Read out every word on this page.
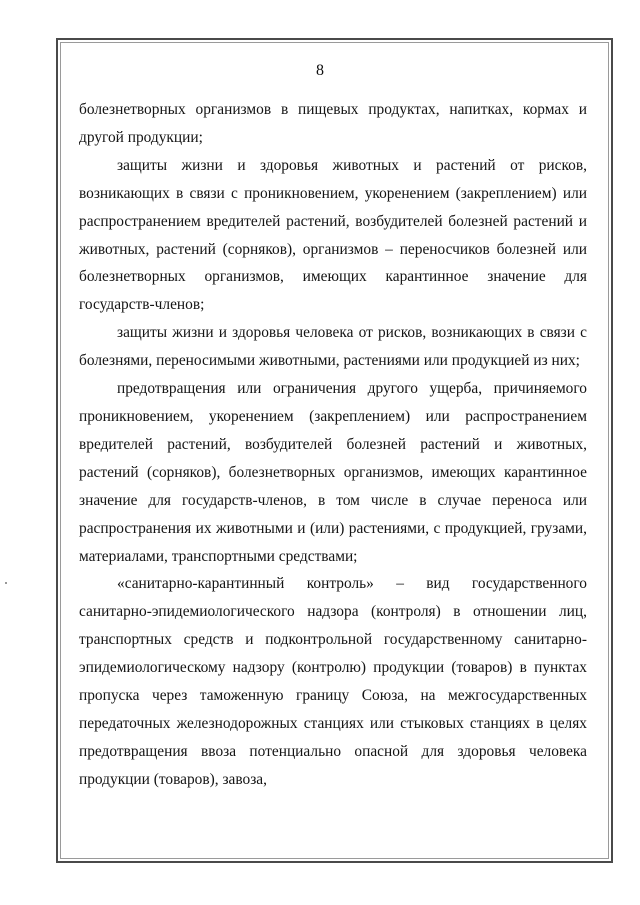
8

болезнетворных организмов в пищевых продуктах, напитках, кормах и другой продукции;

защиты жизни и здоровья животных и растений от рисков, возникающих в связи с проникновением, укоренением (закреплением) или распространением вредителей растений, возбудителей болезней растений и животных, растений (сорняков), организмов – переносчиков болезней или болезнетворных организмов, имеющих карантинное значение для государств-членов;

защиты жизни и здоровья человека от рисков, возникающих в связи с болезнями, переносимыми животными, растениями или продукцией из них;

предотвращения или ограничения другого ущерба, причиняемого проникновением, укоренением (закреплением) или распространением вредителей растений, возбудителей болезней растений и животных, растений (сорняков), болезнетворных организмов, имеющих карантинное значение для государств-членов, в том числе в случае переноса или распространения их животными и (или) растениями, с продукцией, грузами, материалами, транспортными средствами;

«санитарно-карантинный контроль» – вид государственного санитарно-эпидемиологического надзора (контроля) в отношении лиц, транспортных средств и подконтрольной государственному санитарно-эпидемиологическому надзору (контролю) продукции (товаров) в пунктах пропуска через таможенную границу Союза, на межгосударственных передаточных железнодорожных станциях или стыковых станциях в целях предотвращения ввоза потенциально опасной для здоровья человека продукции (товаров), завоза,
